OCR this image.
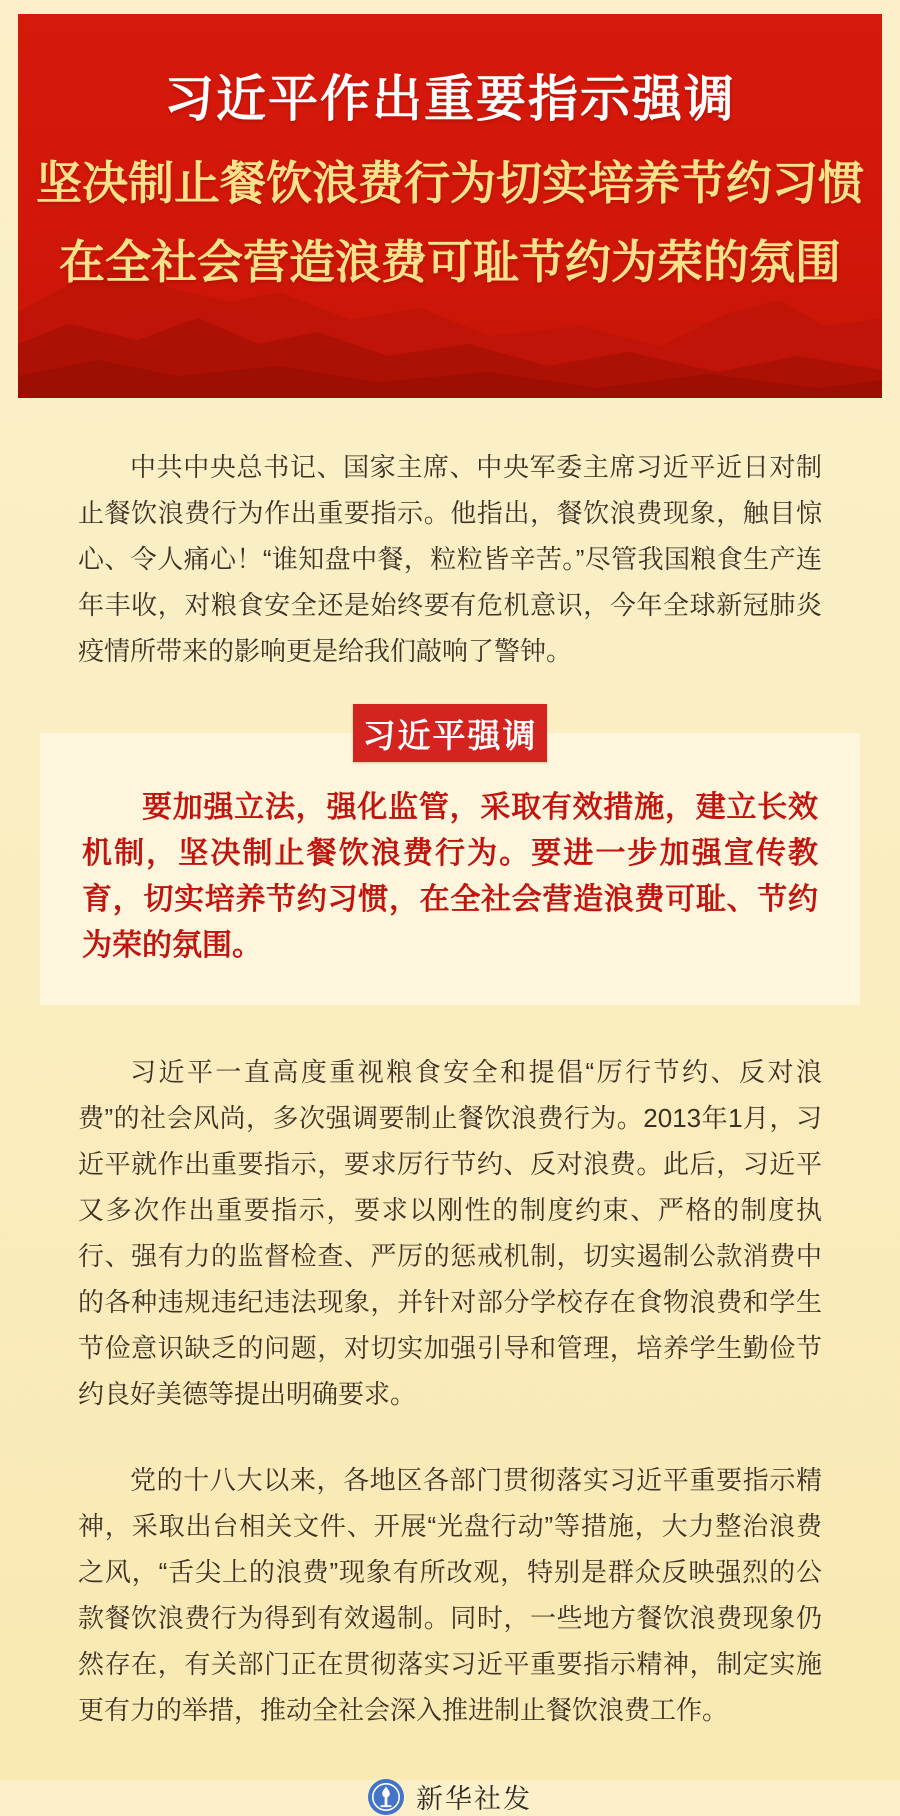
习近平作出重要指示强调
坚决制止餐饮浪费行为切实培养节约习惯
在全社会营造浪费可耻节约为荣的氛围

中共中央总书记、国家主席、中央军委主席习近平近日对制止餐饮浪费行为作出重要指示。他指出，餐饮浪费现象，触目惊心、令人痛心！“谁知盘中餐，粒粒皆辛苦。”尽管我国粮食生产连年丰收，对粮食安全还是始终要有危机意识，今年全球新冠肺炎疫情所带来的影响更是给我们敲响了警钟。

习近平强调

要加强立法，强化监管，采取有效措施，建立长效机制，坚决制止餐饮浪费行为。要进一步加强宣传教育，切实培养节约习惯，在全社会营造浪费可耻、节约为荣的氛围。

习近平一直高度重视粮食安全和提倡“厉行节约、反对浪费”的社会风尚，多次强调要制止餐饮浪费行为。2013年1月，习近平就作出重要指示，要求厉行节约、反对浪费。此后，习近平又多次作出重要指示，要求以刚性的制度约束、严格的制度执行、强有力的监督检查、严厉的惩戒机制，切实遏制公款消费中的各种违规违纪违法现象，并针对部分学校存在食物浪费和学生节俭意识缺乏的问题，对切实加强引导和管理，培养学生勤俭节约良好美德等提出明确要求。

党的十八大以来，各地区各部门贯彻落实习近平重要指示精神，采取出台相关文件、开展“光盘行动”等措施，大力整治浪费之风，“舌尖上的浪费”现象有所改观，特别是群众反映强烈的公款餐饮浪费行为得到有效遏制。同时，一些地方餐饮浪费现象仍然存在，有关部门正在贯彻落实习近平重要指示精神，制定实施更有力的举措，推动全社会深入推进制止餐饮浪费工作。

新华社发
